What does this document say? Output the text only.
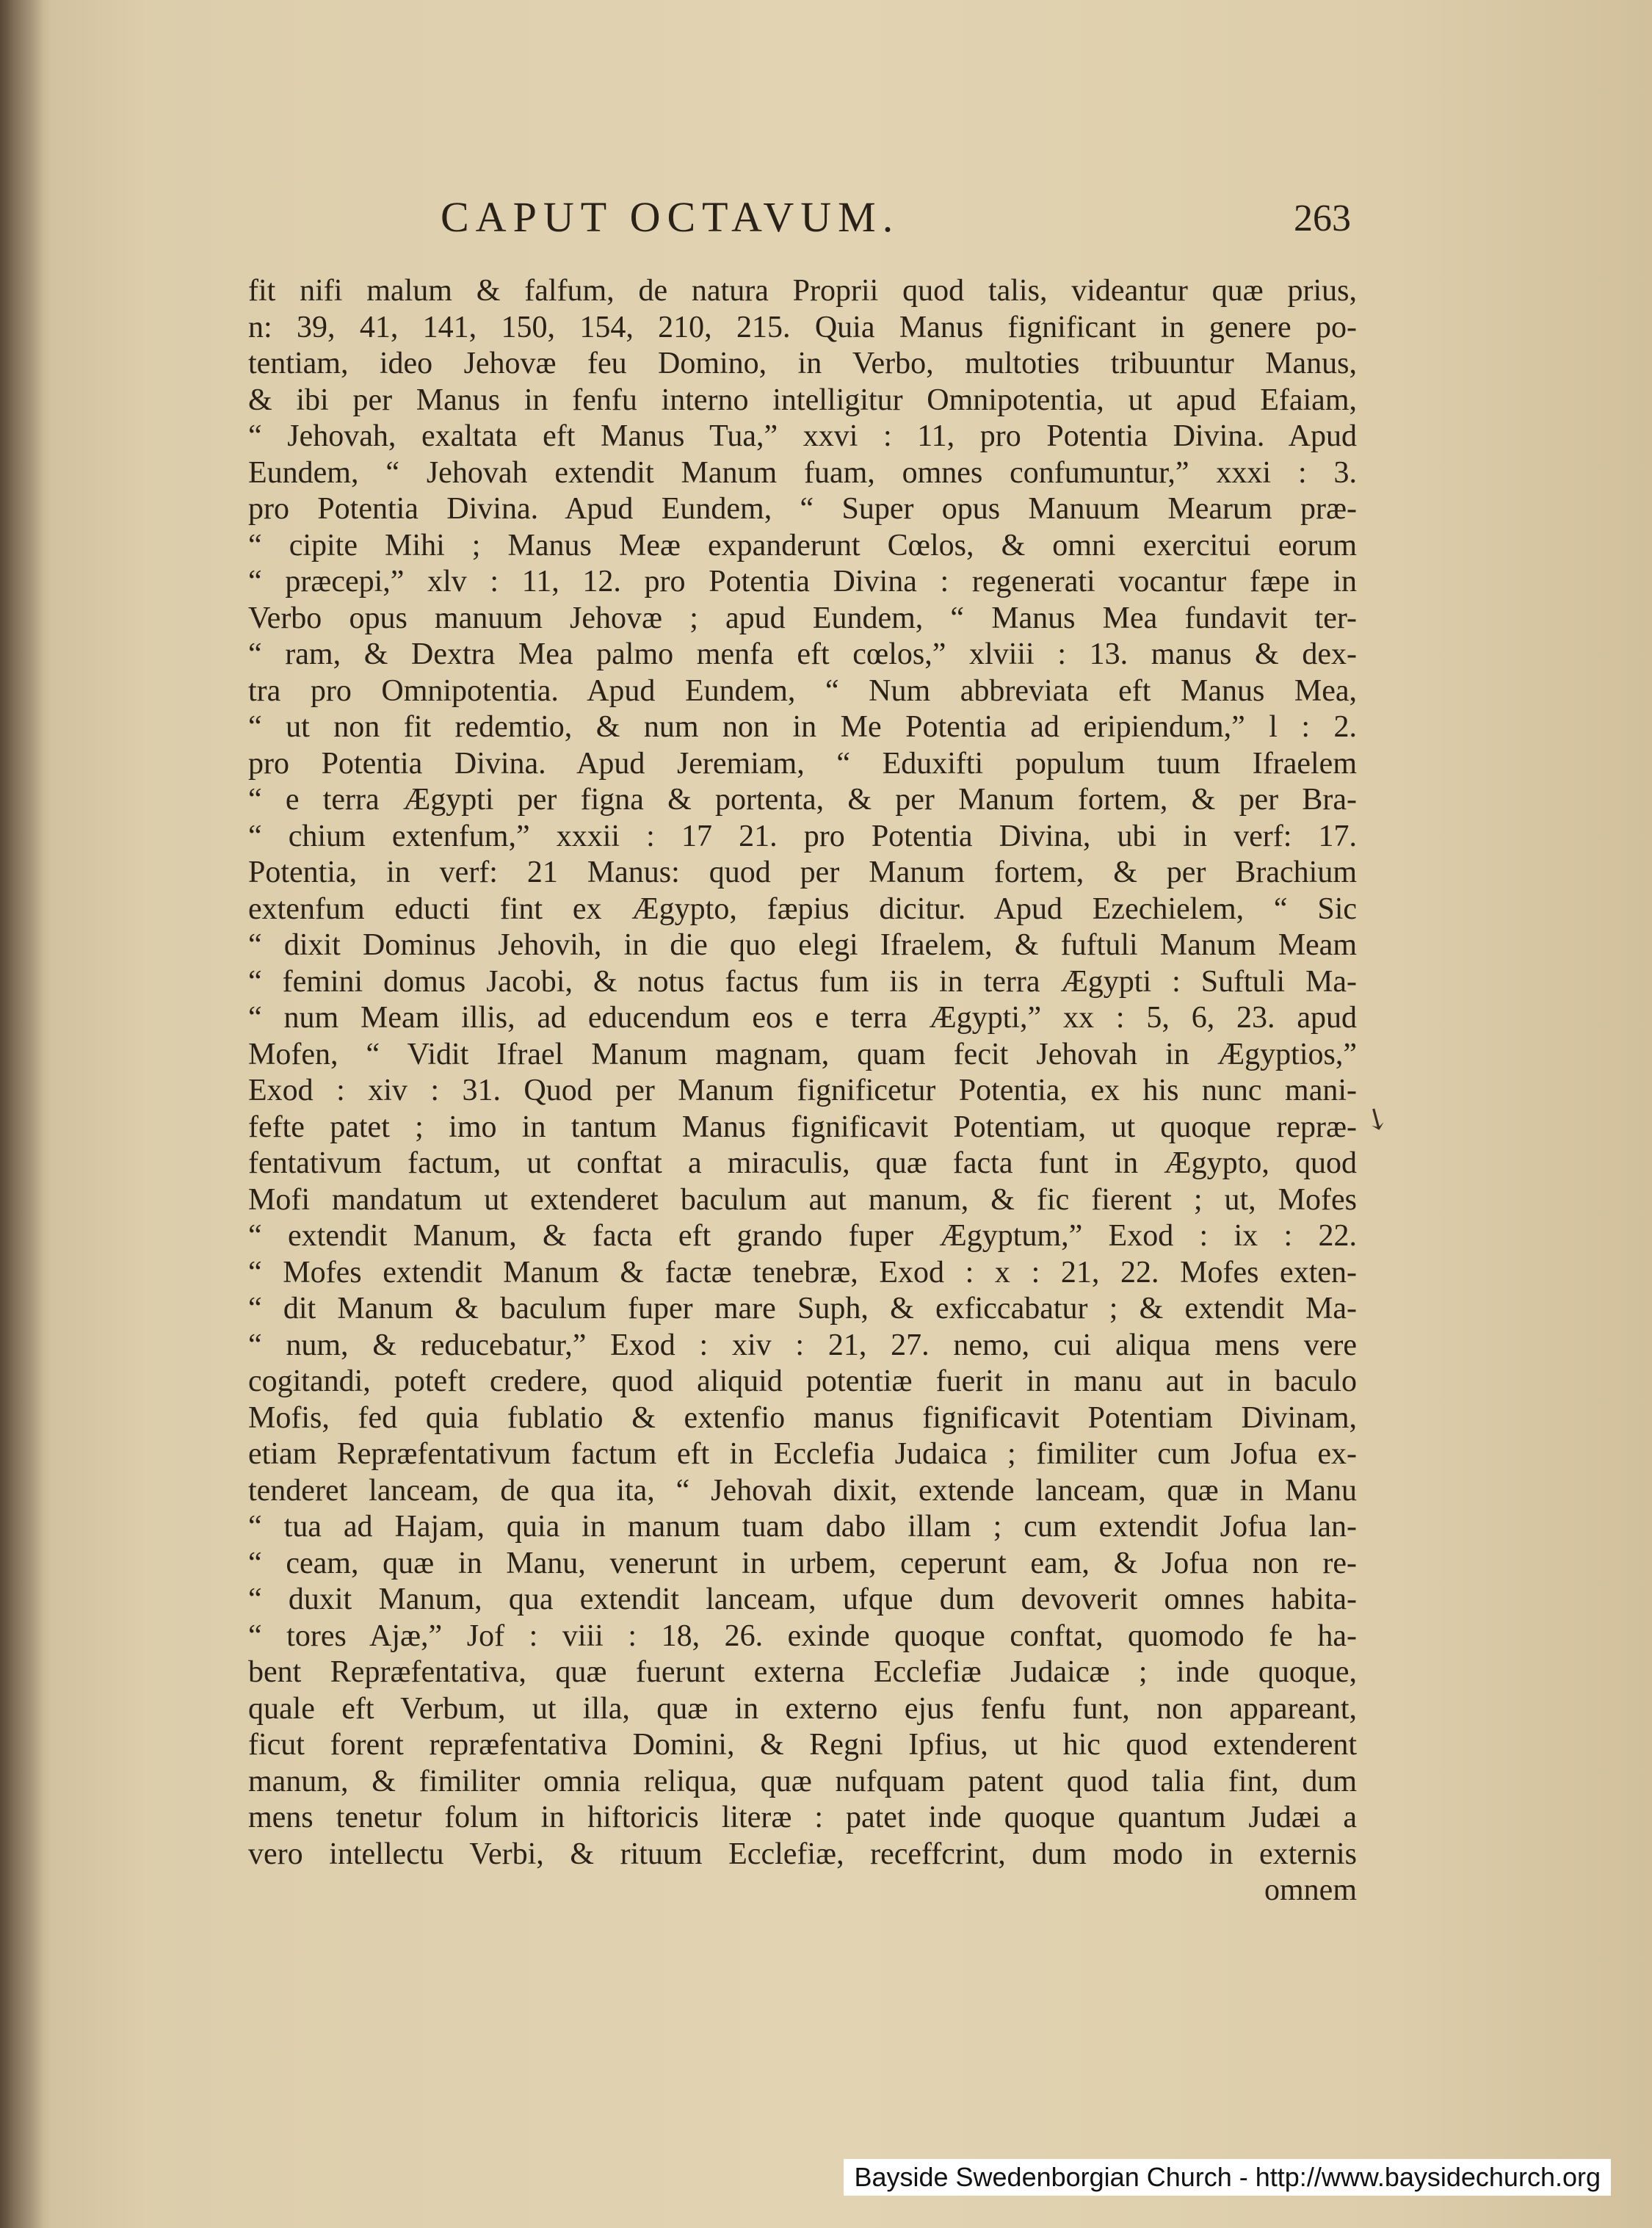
CAPUT OCTAVUM.	263
fit nifi malum & falfum, de natura Proprii quod talis, videantur quæ prius,
n: 39, 41, 141, 150, 154, 210, 215. Quia Manus fignificant in genere po-
tentiam, ideo Jehovæ feu Domino, in Verbo, multoties tribuuntur Manus,
& ibi per Manus in fenfu interno intelligitur Omnipotentia, ut apud Efaiam,
“ Jehovah, exaltata eft Manus Tua,” xxvi : 11, pro Potentia Divina. Apud
Eundem, “ Jehovah extendit Manum fuam, omnes confumuntur,” xxxi : 3.
pro Potentia Divina. Apud Eundem, “ Super opus Manuum Mearum præ-
“ cipite Mihi ; Manus Meæ expanderunt Cœlos, & omni exercitui eorum
“ præcepi,” xlv : 11, 12. pro Potentia Divina : regenerati vocantur fæpe in
Verbo opus manuum Jehovæ ; apud Eundem, “ Manus Mea fundavit ter-
“ ram, & Dextra Mea palmo menfa eft cœlos,” xlviii : 13. manus & dex-
tra pro Omnipotentia. Apud Eundem, “ Num abbreviata eft Manus Mea,
“ ut non fit redemtio, & num non in Me Potentia ad eripiendum,” l : 2.
pro Potentia Divina. Apud Jeremiam, “ Eduxifti populum tuum Ifraelem
“ e terra Ægypti per figna & portenta, & per Manum fortem, & per Bra-
“ chium extenfum,” xxxii : 17 21. pro Potentia Divina, ubi in verf: 17.
Potentia, in verf: 21 Manus: quod per Manum fortem, & per Brachium
extenfum educti fint ex Ægypto, fæpius dicitur. Apud Ezechielem, “ Sic
“ dixit Dominus Jehovih, in die quo elegi Ifraelem, & fuftuli Manum Meam
“ femini domus Jacobi, & notus factus fum iis in terra Ægypti : Suftuli Ma-
“ num Meam illis, ad educendum eos e terra Ægypti,” xx : 5, 6, 23. apud
Mofen, “ Vidit Ifrael Manum magnam, quam fecit Jehovah in Ægyptios,”
Exod : xiv : 31. Quod per Manum fignificetur Potentia, ex his nunc mani-
fefte patet ; imo in tantum Manus fignificavit Potentiam, ut quoque repræ-
fentativum factum, ut conftat a miraculis, quæ facta funt in Ægypto, quod
Mofi mandatum ut extenderet baculum aut manum, & fic fierent ; ut, Mofes
“ extendit Manum, & facta eft grando fuper Ægyptum,” Exod : ix : 22.
“ Mofes extendit Manum & factæ tenebræ, Exod : x : 21, 22. Mofes exten-
“ dit Manum & baculum fuper mare Suph, & exficcabatur ; & extendit Ma-
“ num, & reducebatur,” Exod : xiv : 21, 27. nemo, cui aliqua mens vere
cogitandi, poteft credere, quod aliquid potentiæ fuerit in manu aut in baculo
Mofis, fed quia fublatio & extenfio manus fignificavit Potentiam Divinam,
etiam Repræfentativum factum eft in Ecclefia Judaica ; fimiliter cum Jofua ex-
tenderet lanceam, de qua ita, “ Jehovah dixit, extende lanceam, quæ in Manu
“ tua ad Hajam, quia in manum tuam dabo illam ; cum extendit Jofua lan-
“ ceam, quæ in Manu, venerunt in urbem, ceperunt eam, & Jofua non re-
“ duxit Manum, qua extendit lanceam, ufque dum devoverit omnes habita-
“ tores Ajæ,” Jof : viii : 18, 26. exinde quoque conftat, quomodo fe ha-
bent Repræfentativa, quæ fuerunt externa Ecclefiæ Judaicæ ; inde quoque,
quale eft Verbum, ut illa, quæ in externo ejus fenfu funt, non appareant,
ficut forent repræfentativa Domini, & Regni Ipfius, ut hic quod extenderent
manum, & fimiliter omnia reliqua, quæ nufquam patent quod talia fint, dum
mens tenetur folum in hiftoricis literæ : patet inde quoque quantum Judæi a
vero intellectu Verbi, & rituum Ecclefiæ, receffcrint, dum modo in externis
omnem
↘
Bayside Swedenborgian Church - http://www.baysidechurch.org
